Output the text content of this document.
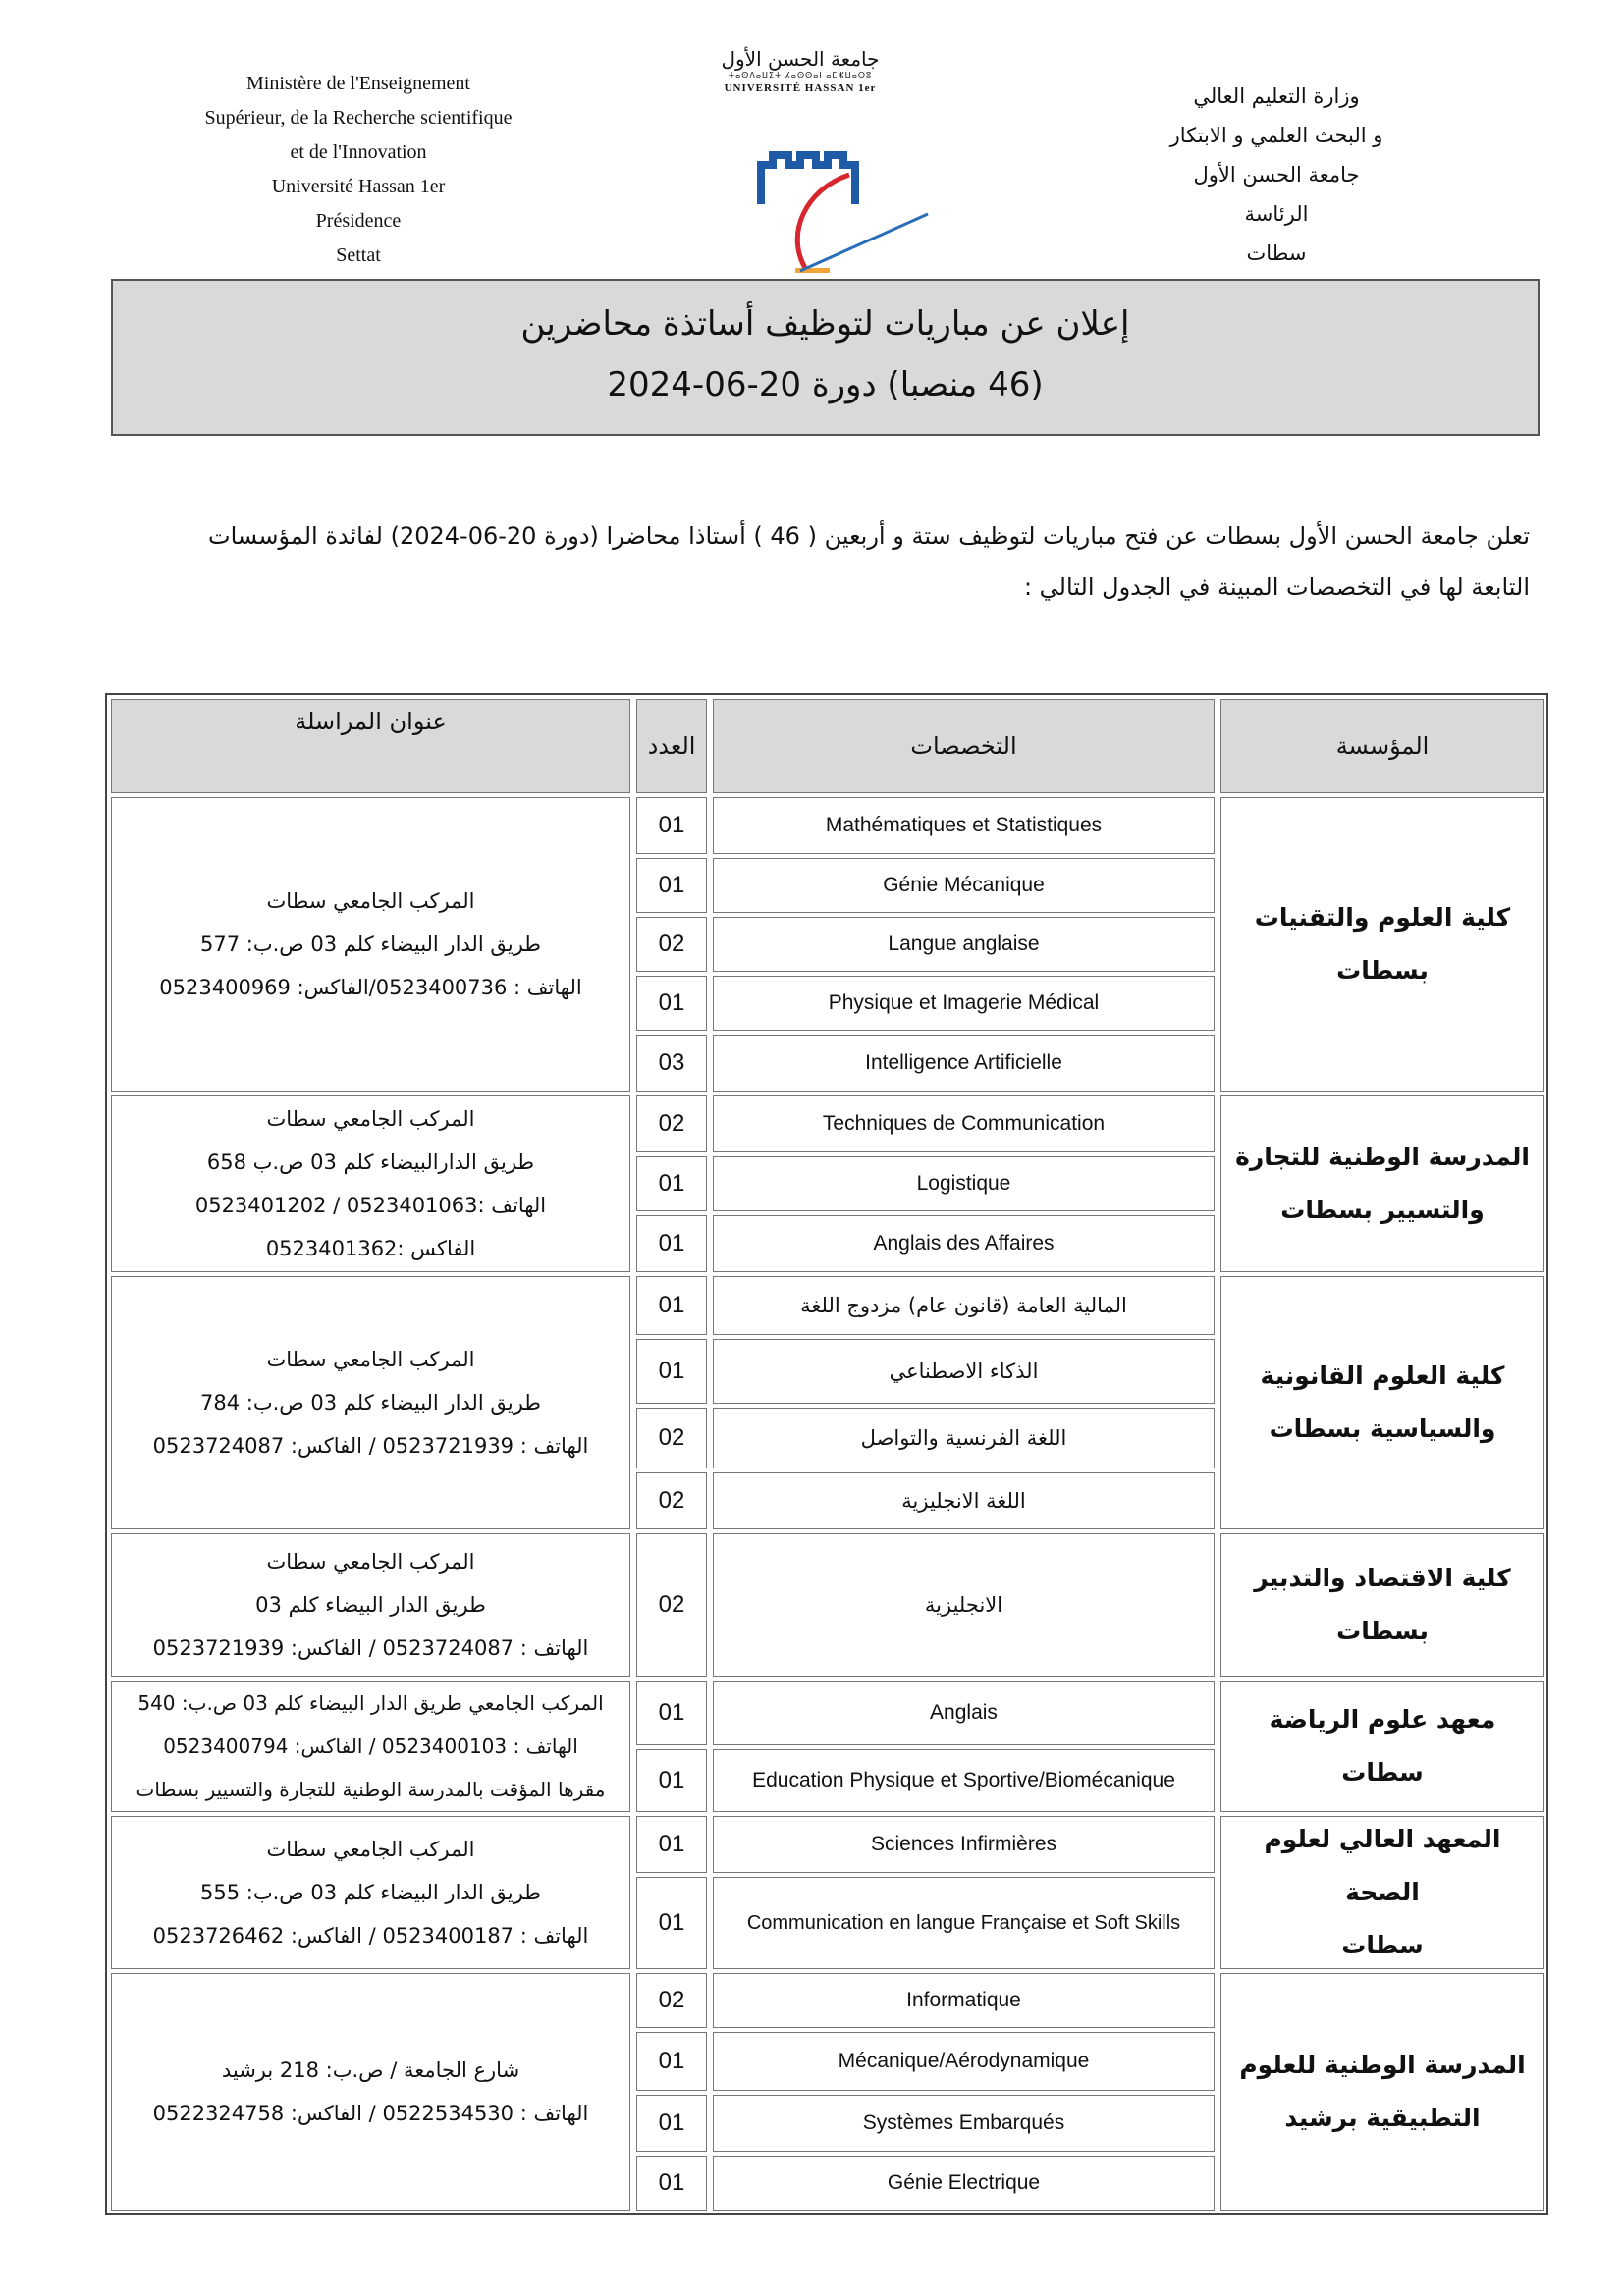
Ministère de l'Enseignement
Supérieur, de la Recherche scientifique
et de l'Innovation
Université Hassan 1er
Présidence
Settat
جامعة الحسن الأول
ⵜⴰⵙⴷⴰⵡⵉⵜ ⵃⴰⵙⵙⴰⵏ ⴰⵎⵣⵡⴰⵔⵓ
UNIVERSITÉ HASSAN 1er	وزارة التعليم العالي
و البحث العلمي و الابتكار
جامعة الحسن الأول
الرئاسة
سطات
إعلان عن مباريات لتوظيف أساتذة محاضرين
(46 منصبا) دورة 20-06-2024

تعلن جامعة الحسن الأول بسطات عن فتح مباريات لتوظيف ستة و أربعين ( 46 ) أستاذا محاضرا (دورة 20-06-2024) لفائدة المؤسسات

التابعة لها في التخصصات المبينة في الجدول التالي :

المؤسسة
التخصصات
العدد
عنوان المراسلة
كلية العلوم والتقنيات
بسطات
Mathématiques et Statistiques
01
Génie Mécanique
01
Langue anglaise
02
Physique et Imagerie Médical
01
Intelligence Artificielle
03
المركب الجامعي سطات
طريق الدار البيضاء كلم 03 ص.ب: 577
الهاتف : 0523400736/الفاكس: 0523400969
المدرسة الوطنية للتجارة
والتسيير بسطات
Techniques de Communication
02
Logistique
01
Anglais des Affaires
01
المركب الجامعي سطات
طريق الدارالبيضاء كلم 03 ص.ب 658
الهاتف :0523401063 / 0523401202
الفاكس :0523401362
كلية العلوم القانونية
والسياسية بسطات
المالية العامة (قانون عام) مزدوج اللغة
01
الذكاء الاصطناعي
01
اللغة الفرنسية والتواصل
02
اللغة الانجليزية
02
المركب الجامعي سطات
طريق الدار البيضاء كلم 03 ص.ب: 784
الهاتف : 0523721939 / الفاكس: 0523724087
كلية الاقتصاد والتدبير
بسطات
الانجليزية
02
المركب الجامعي سطات
طريق الدار البيضاء كلم 03
الهاتف : 0523724087 / الفاكس: 0523721939
معهد علوم الرياضة سطات
Anglais
01
Education Physique et Sportive/Biomécanique
01
المركب الجامعي طريق الدار البيضاء كلم 03 ص.ب: 540
الهاتف : 0523400103 / الفاكس: 0523400794
مقرها المؤقت بالمدرسة الوطنية للتجارة والتسيير بسطات
المعهد العالي لعلوم الصحة
سطات
Sciences Infirmières
01
Communication en langue Française et Soft Skills
01
المركب الجامعي سطات
طريق الدار البيضاء كلم 03 ص.ب: 555
الهاتف : 0523400187 / الفاكس: 0523726462
المدرسة الوطنية للعلوم
التطبيقية برشيد
Informatique
02
Mécanique/Aérodynamique
01
Systèmes Embarqués
01
Génie Electrique
01
شارع الجامعة / ص.ب: 218 برشيد
الهاتف : 0522534530 / الفاكس: 0522324758
